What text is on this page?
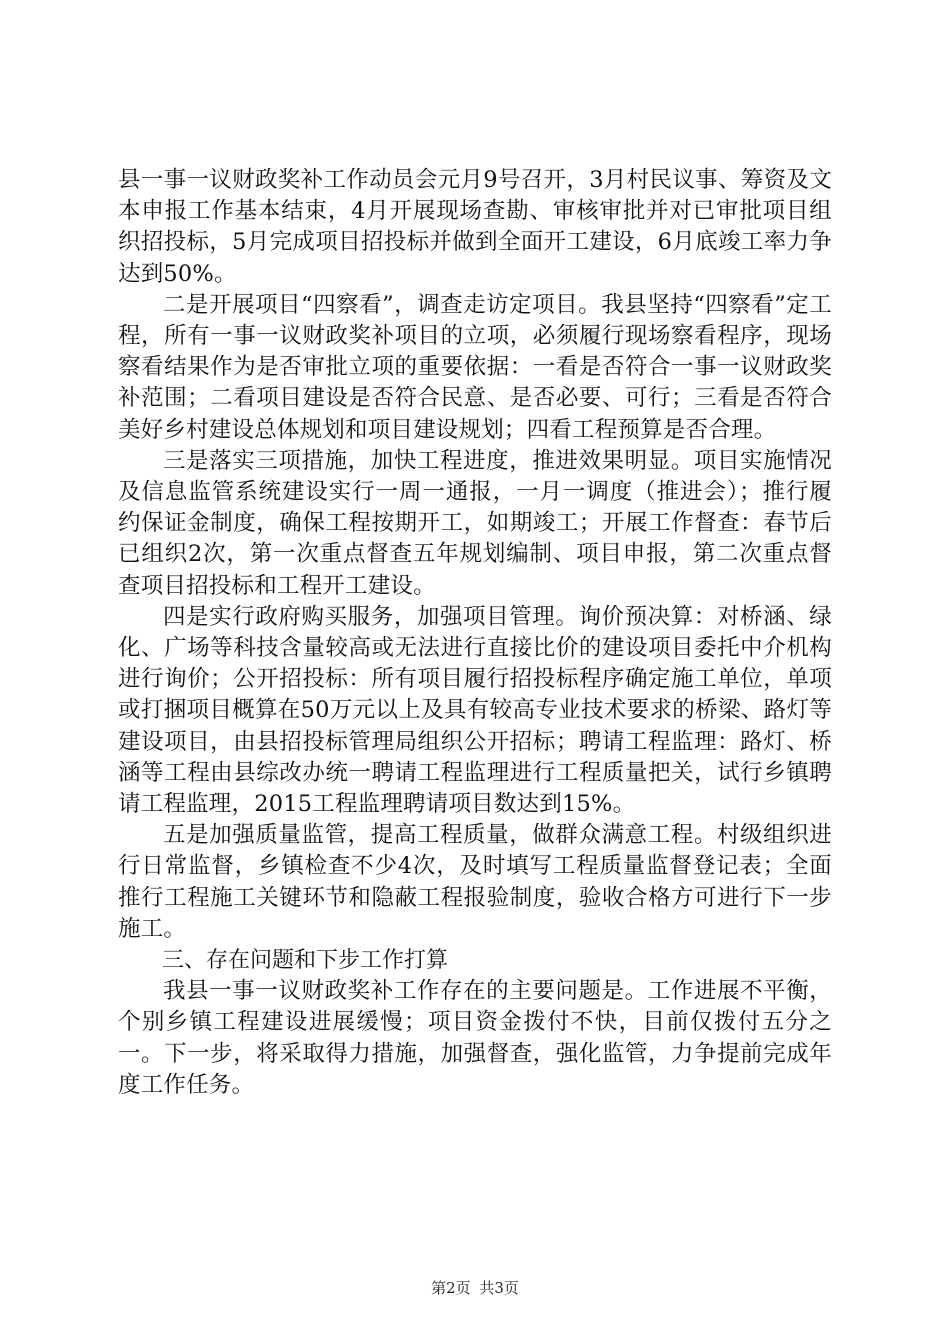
县一事一议财政奖补工作动员会元月9号召开，3月村民议事、筹资及文本申报工作基本结束，4月开展现场查勘、审核审批并对已审批项目组织招投标，5月完成项目招投标并做到全面开工建设，6月底竣工率力争达到50%。

二是开展项目“四察看”，调查走访定项目。我县坚持“四察看”定工程，所有一事一议财政奖补项目的立项，必须履行现场察看程序，现场察看结果作为是否审批立项的重要依据：一看是否符合一事一议财政奖补范围；二看项目建设是否符合民意、是否必要、可行；三看是否符合美好乡村建设总体规划和项目建设规划；四看工程预算是否合理。

三是落实三项措施，加快工程进度，推进效果明显。项目实施情况及信息监管系统建设实行一周一通报，一月一调度（推进会）；推行履约保证金制度，确保工程按期开工，如期竣工；开展工作督查：春节后已组织2次，第一次重点督查五年规划编制、项目申报，第二次重点督查项目招投标和工程开工建设。

四是实行政府购买服务，加强项目管理。询价预决算：对桥涵、绿化、广场等科技含量较高或无法进行直接比价的建设项目委托中介机构进行询价；公开招投标：所有项目履行招投标程序确定施工单位，单项或打捆项目概算在50万元以上及具有较高专业技术要求的桥梁、路灯等建设项目，由县招投标管理局组织公开招标；聘请工程监理：路灯、桥涵等工程由县综改办统一聘请工程监理进行工程质量把关，试行乡镇聘请工程监理，2015工程监理聘请项目数达到15%。

五是加强质量监管，提高工程质量，做群众满意工程。村级组织进行日常监督，乡镇检查不少4次，及时填写工程质量监督登记表；全面推行工程施工关键环节和隐蔽工程报验制度，验收合格方可进行下一步施工。

三、存在问题和下步工作打算

我县一事一议财政奖补工作存在的主要问题是。工作进展不平衡，个别乡镇工程建设进展缓慢；项目资金拨付不快，目前仅拨付五分之一。下一步，将采取得力措施，加强督查，强化监管，力争提前完成年度工作任务。

第2页 共3页
